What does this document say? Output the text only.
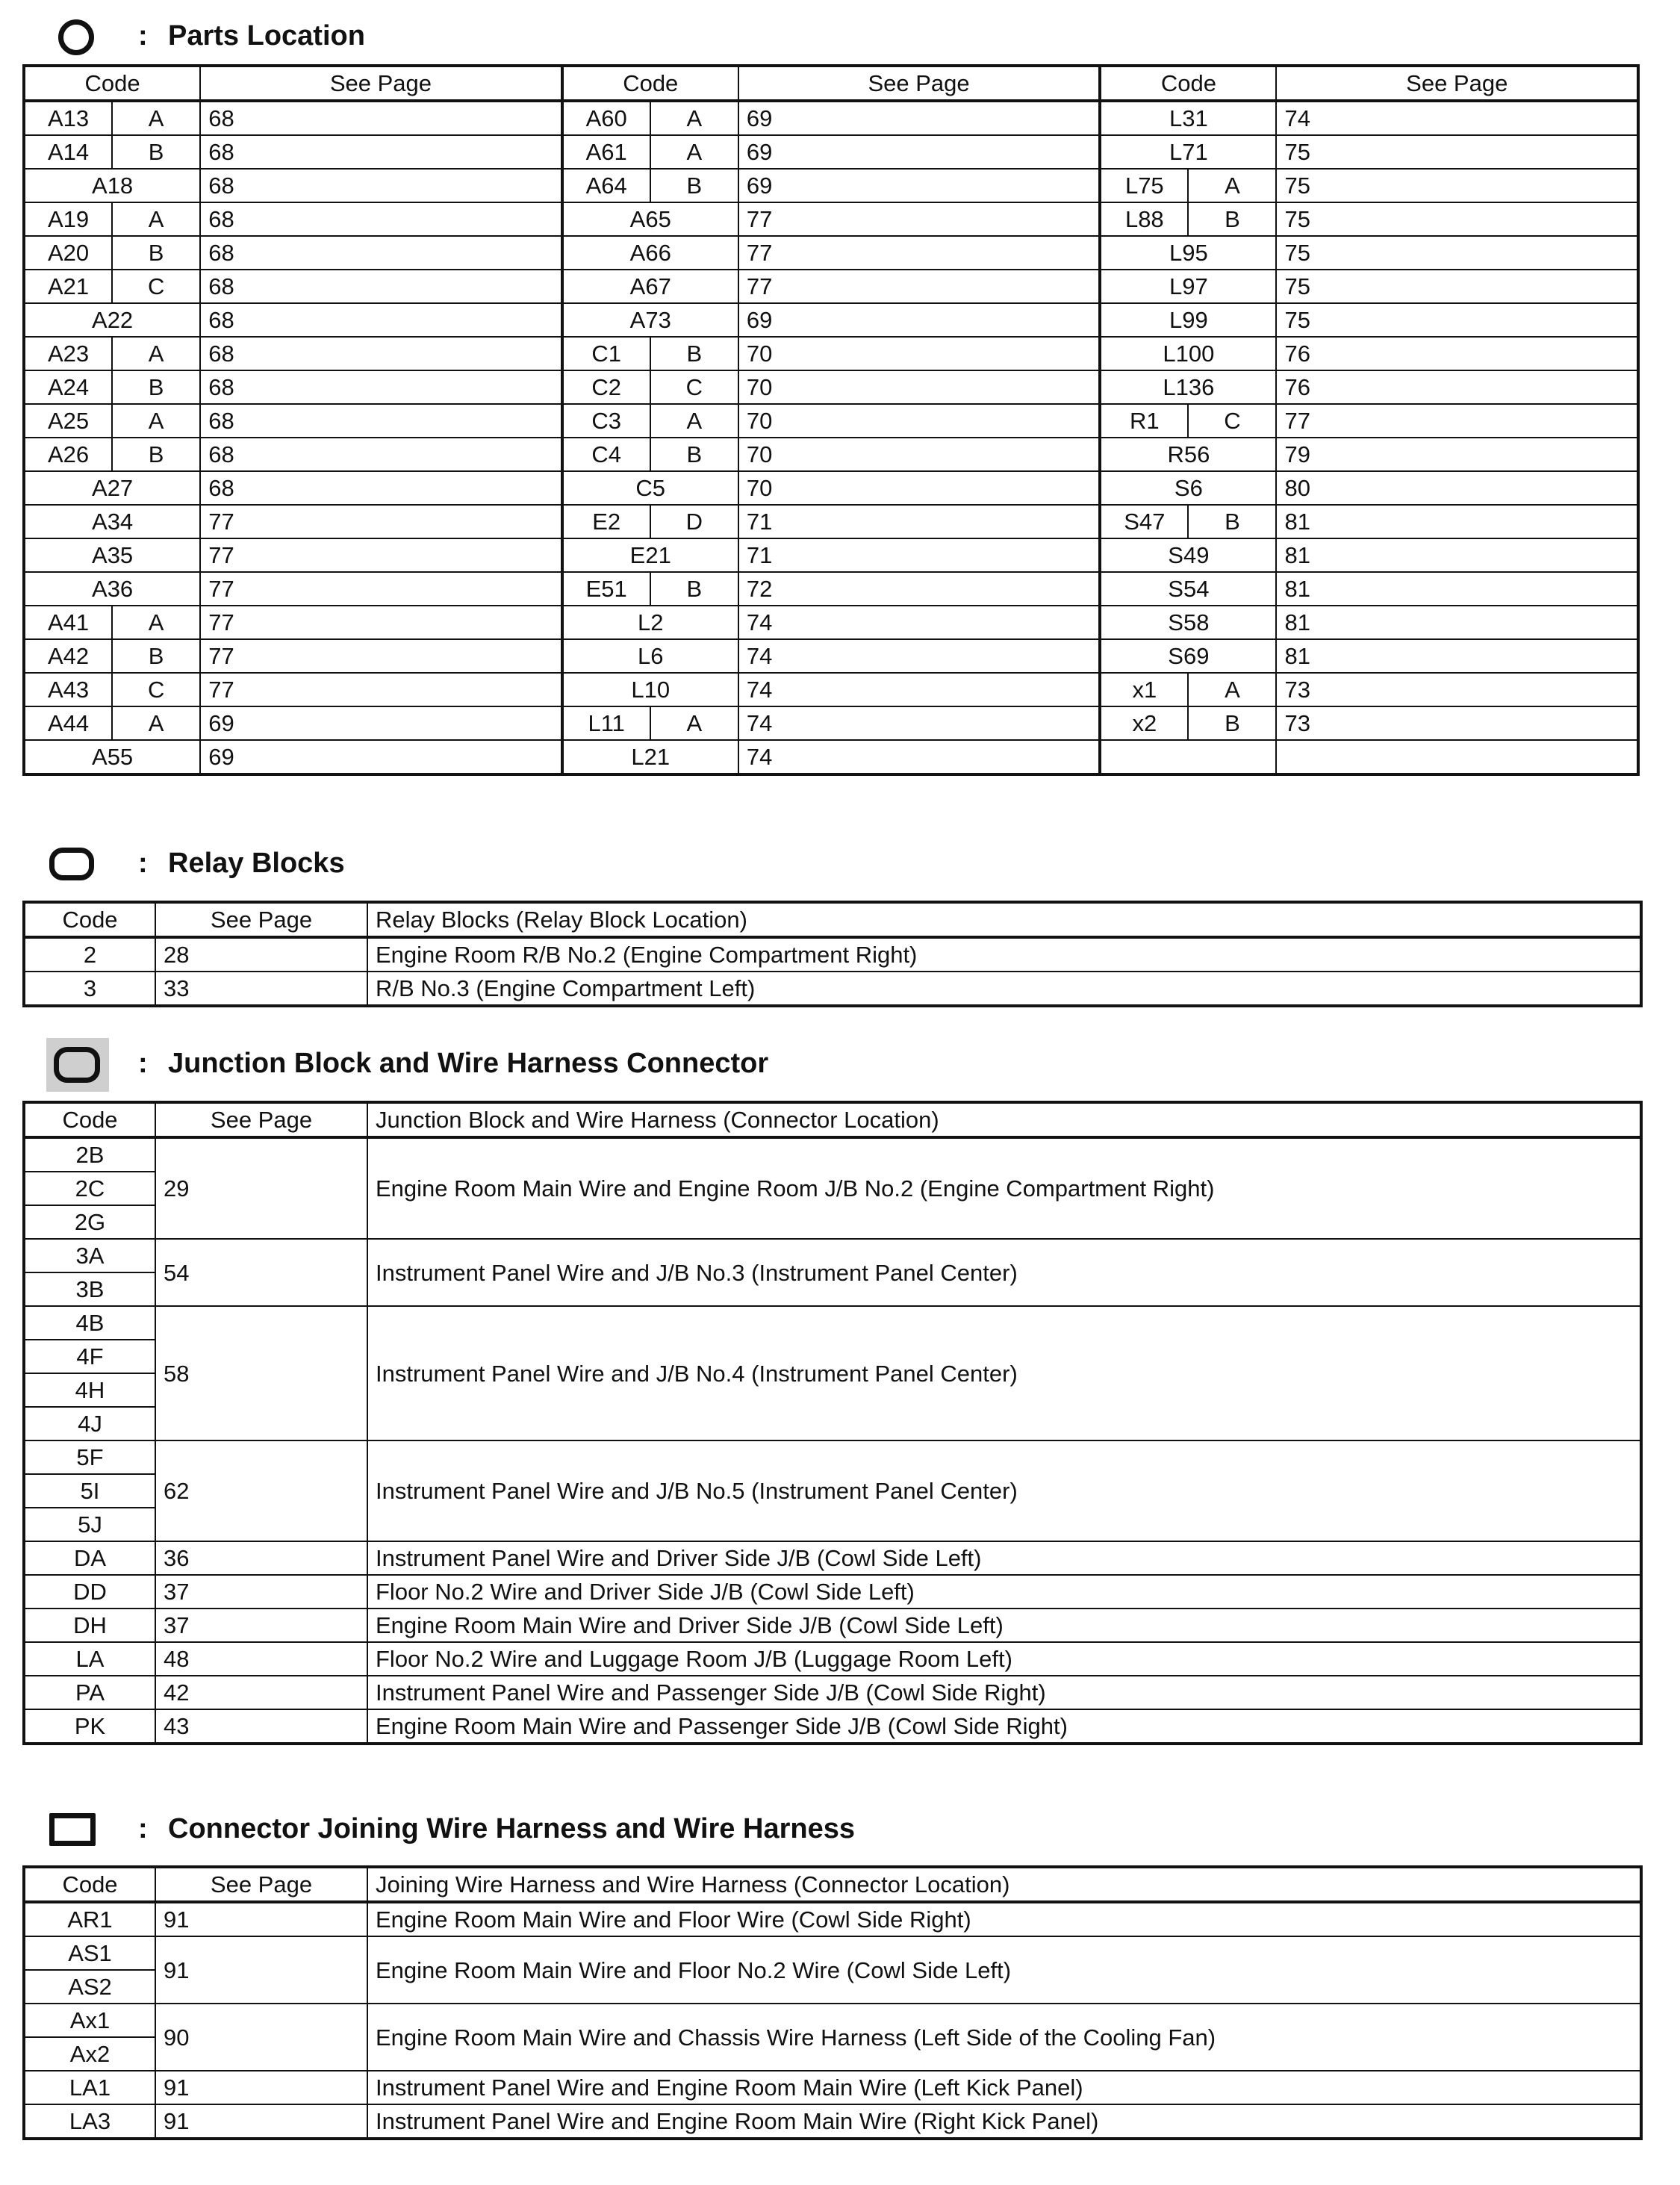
: Parts Location
Code		See Page	Code		See Page	Code		See Page
A13	A	68	A60	A	69	L31		74
A14	B	68	A61	A	69	L71		75
A18		68	A64	B	69	L75	A	75
A19	A	68	A65		77	L88	B	75
A20	B	68	A66		77	L95		75
A21	C	68	A67		77	L97		75
A22		68	A73		69	L99		75
A23	A	68	C1	B	70	L100		76
A24	B	68	C2	C	70	L136		76
A25	A	68	C3	A	70	R1	C	77
A26	B	68	C4	B	70	R56		79
A27		68	C5		70	S6		80
A34		77	E2	D	71	S47	B	81
A35		77	E21		71	S49		81
A36		77	E51	B	72	S54		81
A41	A	77	L2		74	S58		81
A42	B	77	L6		74	S69		81
A43	C	77	L10		74	x1	A	73
A44	A	69	L11	A	74	x2	B	73
A55		69	L21		74			
: Relay Blocks
Code	See Page	Relay Blocks (Relay Block Location)
2	28	Engine Room R/B No.2 (Engine Compartment Right)
3	33	R/B No.3 (Engine Compartment Left)
: Junction Block and Wire Harness Connector
Code	See Page	Junction Block and Wire Harness (Connector Location)
2B	29	Engine Room Main Wire and Engine Room J/B No.2 (Engine Compartment Right)
2C		
2G		
3A	54	Instrument Panel Wire and J/B No.3 (Instrument Panel Center)
3B		
4B	58	Instrument Panel Wire and J/B No.4 (Instrument Panel Center)
4F		
4H		
4J		
5F	62	Instrument Panel Wire and J/B No.5 (Instrument Panel Center)
5I		
5J		
DA	36	Instrument Panel Wire and Driver Side J/B (Cowl Side Left)
DD	37	Floor No.2 Wire and Driver Side J/B (Cowl Side Left)
DH	37	Engine Room Main Wire and Driver Side J/B (Cowl Side Left)
LA	48	Floor No.2 Wire and Luggage Room J/B (Luggage Room Left)
PA	42	Instrument Panel Wire and Passenger Side J/B (Cowl Side Right)
PK	43	Engine Room Main Wire and Passenger Side J/B (Cowl Side Right)
: Connector Joining Wire Harness and Wire Harness
Code	See Page	Joining Wire Harness and Wire Harness (Connector Location)
AR1	91	Engine Room Main Wire and Floor Wire (Cowl Side Right)
AS1	91	Engine Room Main Wire and Floor No.2 Wire (Cowl Side Left)
AS2		
Ax1	90	Engine Room Main Wire and Chassis Wire Harness (Left Side of the Cooling Fan)
Ax2		
LA1	91	Instrument Panel Wire and Engine Room Main Wire (Left Kick Panel)
LA3	91	Instrument Panel Wire and Engine Room Main Wire (Right Kick Panel)
